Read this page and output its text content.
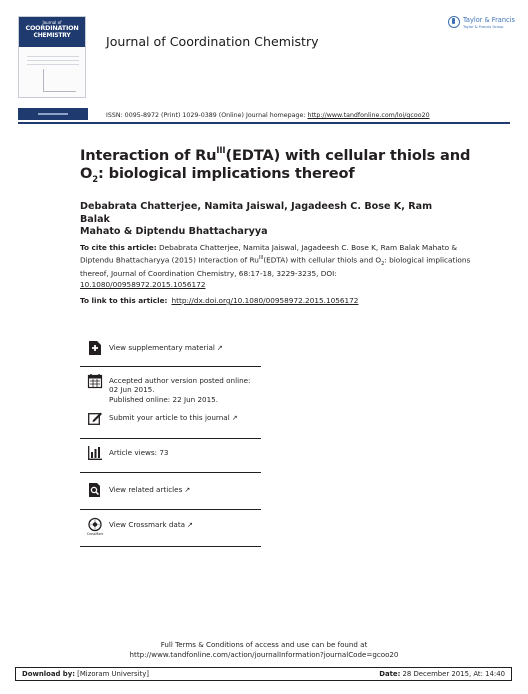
Journal of
COORDINATION
CHEMISTRY	Journal of Coordination Chemistry
Taylor & Francis
Taylor & Francis Group
ISSN: 0095-8972 (Print) 1029-0389 (Online) Journal homepage: http://www.tandfonline.com/loi/gcoo20
Interaction of $Ru^{III}(EDTA)$ with cellular thiols and $O_2$: biological implications thereof
Debabrata Chatterjee, Namita Jaiswal, Jagadeesh C. Bose K, Ram Balak
Mahato & Diptendu Bhattacharyya
To cite this article: Debabrata Chatterjee, Namita Jaiswal, Jagadeesh C. Bose K, Ram Balak Mahato & Diptendu Bhattacharyya (2015) Interaction of $Ru^{III}(EDTA)$ with cellular thiols and $O_2$: biological implications thereof, Journal of Coordination Chemistry, 68:17-18, 3229-3235, DOI:
10.1080/00958972.2015.1056172
To link to this article: http://dx.doi.org/10.1080/00958972.2015.1056172
View supplementary material ↗
Accepted author version posted online: 02 Jun 2015.
Published online: 22 Jun 2015.
Submit your article to this journal ↗
Article views: 73
View related articles ↗
CrossMark
View Crossmark data ↗
Full Terms & Conditions of access and use can be found at
http://www.tandfonline.com/action/journalInformation?journalCode=gcoo20
Download by: [Mizoram University]	Date: 28 December 2015, At: 14:40
